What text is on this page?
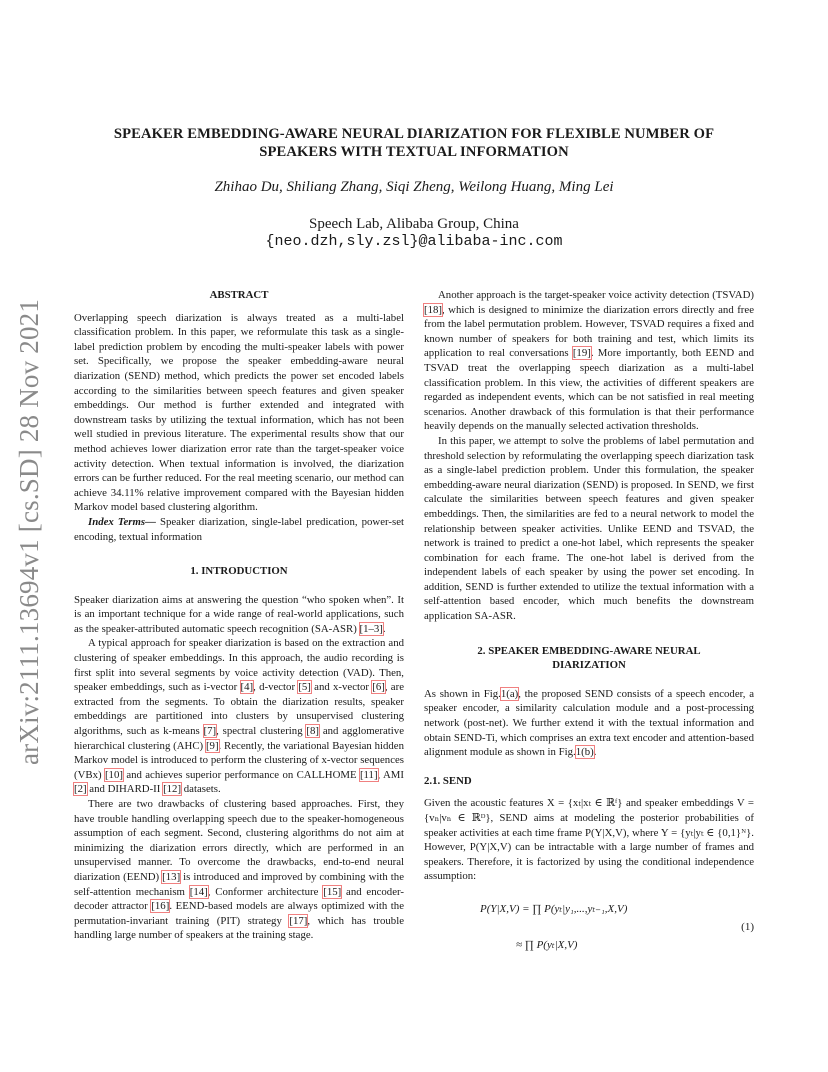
SPEAKER EMBEDDING-AWARE NEURAL DIARIZATION FOR FLEXIBLE NUMBER OF
SPEAKERS WITH TEXTUAL INFORMATION
Zhihao Du, Shiliang Zhang, Siqi Zheng, Weilong Huang, Ming Lei
Speech Lab, Alibaba Group, China
{neo.dzh,sly.zsl}@alibaba-inc.com
arXiv:2111.13694v1 [cs.SD] 28 Nov 2021

ABSTRACT

Overlapping speech diarization is always treated as a multi-label classification problem. In this paper, we reformulate this task as a single-label prediction problem by encoding the multi-speaker labels with power set. Specifically, we propose the speaker embedding-aware neural diarization (SEND) method, which predicts the power set encoded labels according to the similarities between speech features and given speaker embeddings. Our method is further extended and integrated with downstream tasks by utilizing the textual information, which has not been well studied in previous literature. The experimental results show that our method achieves lower diarization error rate than the target-speaker voice activity detection. When textual information is involved, the diarization errors can be further reduced. For the real meeting scenario, our method can achieve 34.11% relative improvement compared with the Bayesian hidden Markov model based clustering algorithm.

Index Terms— Speaker diarization, single-label predication, power-set encoding, textual information

1. INTRODUCTION

Speaker diarization aims at answering the question “who spoken when”. It is an important technique for a wide range of real-world applications, such as the speaker-attributed automatic speech recognition (SA-ASR) [1–3].

A typical approach for speaker diarization is based on the extraction and clustering of speaker embeddings. In this approach, the audio recording is first split into several segments by voice activity detection (VAD). Then, speaker embeddings, such as i-vector [4], d-vector [5] and x-vector [6], are extracted from the segments. To obtain the diarization results, speaker embeddings are partitioned into clusters by unsupervised clustering algorithms, such as k-means [7], spectral clustering [8] and agglomerative hierarchical clustering (AHC) [9]. Recently, the variational Bayesian hidden Markov model is introduced to perform the clustering of x-vector sequences (VBx) [10] and achieves superior performance on CALLHOME [11], AMI [2] and DIHARD-II [12] datasets.

There are two drawbacks of clustering based approaches. First, they have trouble handling overlapping speech due to the speaker-homogeneous assumption of each segment. Second, clustering algorithms do not aim at minimizing the diarization errors directly, which are performed in an unsupervised manner. To overcome the drawbacks, end-to-end neural diarization (EEND) [13] is introduced and improved by combining with the self-attention mechanism [14], Conformer architecture [15] and encoder-decoder attractor [16]. EEND-based models are always optimized with the permutation-invariant training (PIT) strategy [17], which has trouble handling large number of speakers at the training stage.

Another approach is the target-speaker voice activity detection (TSVAD) [18], which is designed to minimize the diarization errors directly and free from the label permutation problem. However, TSVAD requires a fixed and known number of speakers for both training and test, which limits its application to real conversations [19]. More importantly, both EEND and TSVAD treat the overlapping speech diarization as a multi-label classification problem. In this view, the activities of different speakers are regarded as independent events, which can be not satisfied in real meeting scenarios. Another drawback of this formulation is that their performance heavily depends on the manually selected activation thresholds.

In this paper, we attempt to solve the problems of label permutation and threshold selection by reformulating the overlapping speech diarization task as a single-label prediction problem. Under this formulation, the speaker embedding-aware neural diarization (SEND) is proposed. In SEND, we first calculate the similarities between speech features and given speaker embeddings. Then, the similarities are fed to a neural network to model the relationship between speaker activities. Unlike EEND and TSVAD, the network is trained to predict a one-hot label, which represents the speaker combination for each frame. The one-hot label is derived from the independent labels of each speaker by using the power set encoding. In addition, SEND is further extended to utilize the textual information with a self-attention based encoder, which much benefits the downstream application SA-ASR.

2. SPEAKER EMBEDDING-AWARE NEURAL
DIARIZATION

As shown in Fig.1(a), the proposed SEND consists of a speech encoder, a speaker encoder, a similarity calculation module and a post-processing network (post-net). We further extend it with the textual information and obtain SEND-Ti, which comprises an extra text encoder and attention-based alignment module as shown in Fig.1(b).

2.1. SEND

Given the acoustic features X = {xₜ|xₜ ∈ ℝᶠ} and speaker embeddings V = {vₙ|vₙ ∈ ℝᴰ}, SEND aims at modeling the posterior probabilities of speaker activities at each time frame P(Y|X,V), where Y = {yₜ|yₜ ∈ {0,1}ᴺ}. However, P(Y|X,V) can be intractable with a large number of frames and speakers. Therefore, it is factorized by using the conditional independence assumption:

P(Y|X,V) = ∏ P(yₜ|y₁,...,yₜ₋₁,X,V)
≈ ∏ P(yₜ|X,V)
(1)
